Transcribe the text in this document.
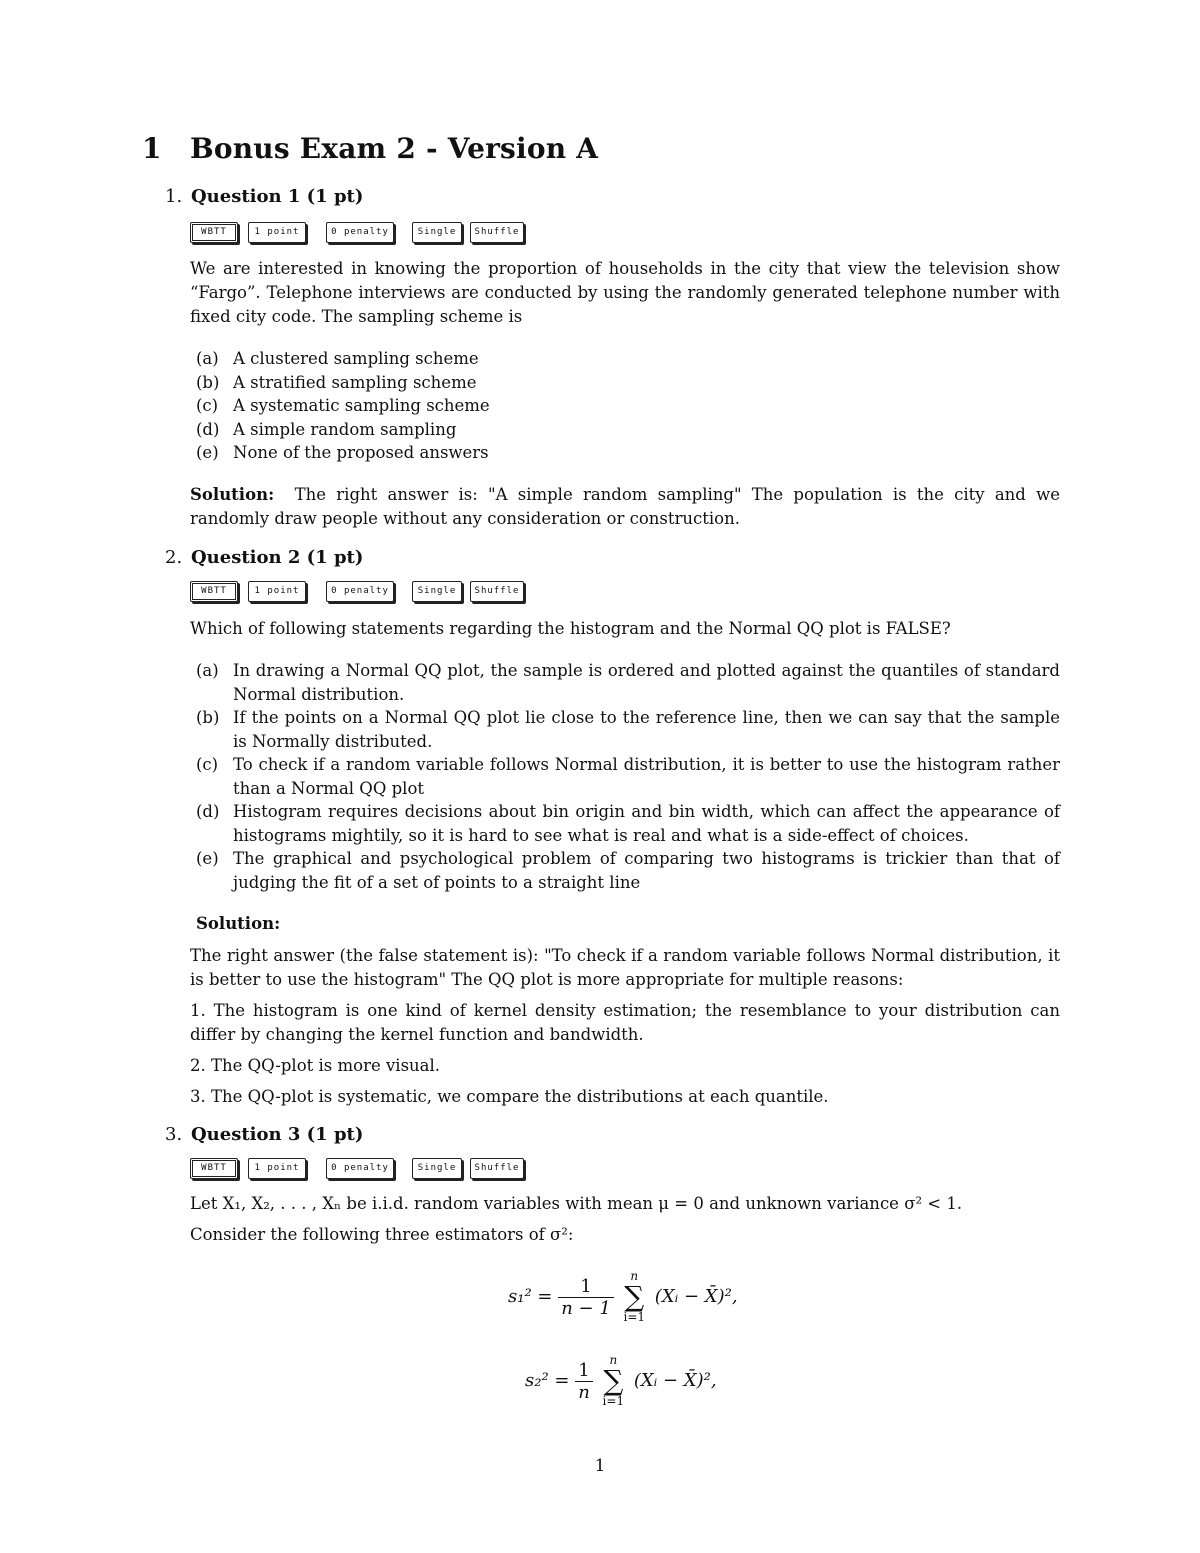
1 Bonus Exam 2 - Version A
1. Question 1 (1 pt)
WBTT	1 point	0 penalty	Single	Shuffle

We are interested in knowing the proportion of households in the city that view the television show “Fargo”. Telephone interviews are conducted by using the randomly generated telephone number with fixed city code. The sampling scheme is

(a) A clustered sampling scheme
(b) A stratified sampling scheme
(c) A systematic sampling scheme
(d) A simple random sampling
(e) None of the proposed answers

Solution: The right answer is: "A simple random sampling" The population is the city and we randomly draw people without any consideration or construction.

2. Question 2 (1 pt)
WBTT	1 point	0 penalty	Single	Shuffle

Which of following statements regarding the histogram and the Normal QQ plot is FALSE?

(a) In drawing a Normal QQ plot, the sample is ordered and plotted against the quantiles of standard Normal distribution.
(b) If the points on a Normal QQ plot lie close to the reference line, then we can say that the sample is Normally distributed.
(c) To check if a random variable follows Normal distribution, it is better to use the histogram rather than a Normal QQ plot
(d) Histogram requires decisions about bin origin and bin width, which can affect the appearance of histograms mightily, so it is hard to see what is real and what is a side-effect of choices.
(e) The graphical and psychological problem of comparing two histograms is trickier than that of judging the fit of a set of points to a straight line

Solution:

The right answer (the false statement is): "To check if a random variable follows Normal distribution, it is better to use the histogram" The QQ plot is more appropriate for multiple reasons:

1. The histogram is one kind of kernel density estimation; the resemblance to your distribution can differ by changing the kernel function and bandwidth.

2. The QQ-plot is more visual.

3. The QQ-plot is systematic, we compare the distributions at each quantile.

3. Question 3 (1 pt)
WBTT	1 point	0 penalty	Single	Shuffle

Let X₁, X₂, . . . , Xₙ be i.i.d. random variables with mean μ = 0 and unknown variance σ² < 1.

Consider the following three estimators of σ²:

$s_1^2 = \frac{1}{n - 1}$
	n
∑
i=1
(Xᵢ − X̄)²,
$s_2^2 = \frac{1}{n}$
	n
∑
i=1
(Xᵢ − X̄)²,
1
